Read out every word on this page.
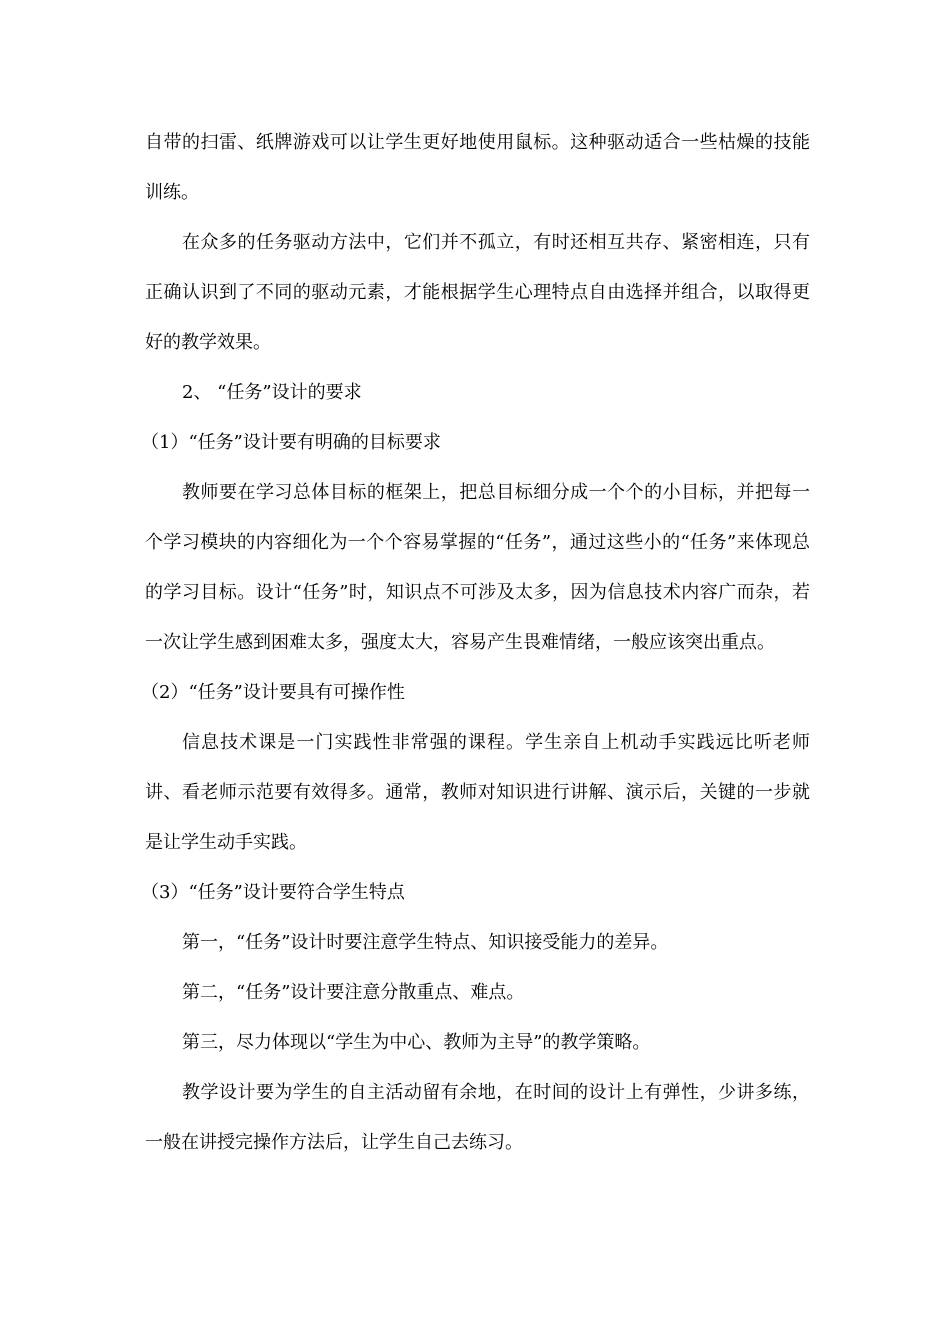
自带的扫雷、纸牌游戏可以让学生更好地使用鼠标。这种驱动适合一些枯燥的技能训练。

在众多的任务驱动方法中，它们并不孤立，有时还相互共存、紧密相连，只有正确认识到了不同的驱动元素，才能根据学生心理特点自由选择并组合，以取得更好的教学效果。

2、 “任务”设计的要求

（1）“任务”设计要有明确的目标要求

教师要在学习总体目标的框架上，把总目标细分成一个个的小目标，并把每一个学习模块的内容细化为一个个容易掌握的“任务”，通过这些小的“任务”来体现总的学习目标。设计“任务”时，知识点不可涉及太多，因为信息技术内容广而杂，若一次让学生感到困难太多，强度太大，容易产生畏难情绪，一般应该突出重点。

（2）“任务”设计要具有可操作性

信息技术课是一门实践性非常强的课程。学生亲自上机动手实践远比听老师讲、看老师示范要有效得多。通常，教师对知识进行讲解、演示后，关键的一步就是让学生动手实践。

（3）“任务”设计要符合学生特点

第一，“任务”设计时要注意学生特点、知识接受能力的差异。

第二，“任务”设计要注意分散重点、难点。

第三，尽力体现以“学生为中心、教师为主导”的教学策略。

教学设计要为学生的自主活动留有余地，在时间的设计上有弹性，少讲多练，一般在讲授完操作方法后，让学生自己去练习。
